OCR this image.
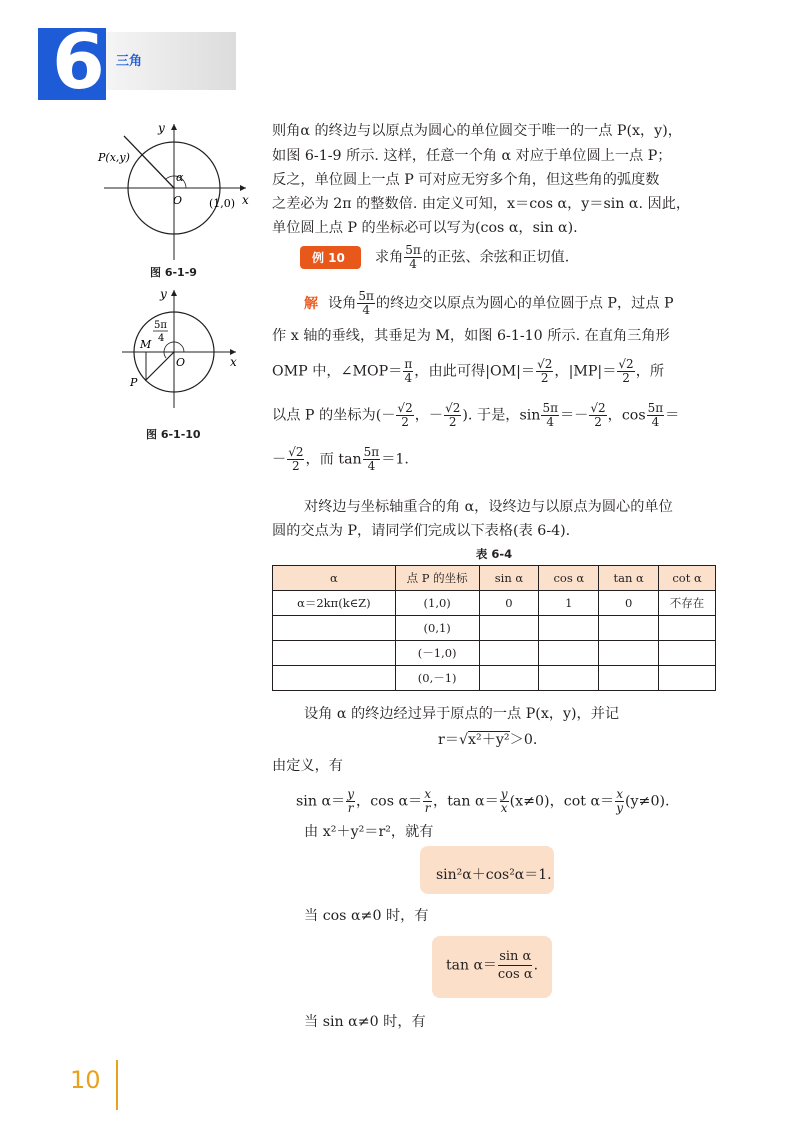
6 三角
y
x
P(x,y)
α
O (1,0)
图 6-1-9
y
x
5π
4
M
O
P
图 6-1-10
则角α 的终边与以原点为圆心的单位圆交于唯一的一点 P(x，y)，
如图 6-1-9 所示. 这样，任意一个角 α 对应于单位圆上一点 P；
反之，单位圆上一点 P 可对应无穷多个角，但这些角的弧度数
之差必为 2π 的整数倍. 由定义可知，x＝cos α，y＝sin α. 因此，
单位圆上点 P 的坐标必可以写为(cos α，sin α).
例 10 求角 $\frac{5\pi}{4}$ 的正弦、余弦和正切值.
解 设角 $\frac{5\pi}{4}$ 的终边交以原点为圆心的单位圆于点 P，过点 P
作 x 轴的垂线，其垂足为 M，如图 6-1-10 所示. 在直角三角形
OMP 中，∠MOP＝ $\frac{\pi}{4}$ ，由此可得$|OM|= \frac{√2}{2}$ ，$|MP|= \frac{√2}{2}$ ，所
以点 P 的坐标为(－ $\frac{√2}{2}$ ，－ $\frac{√2}{2}$ ). 于是，$\sin \frac{5\pi}{4} =- \frac{√2}{2}$ ，$\cos \frac{5\pi}{4}$ ＝
－ $\frac{√2}{2}$ ，而 $\tan \frac{5\pi}{4} =1$.
对终边与坐标轴重合的角 α，设终边与以原点为圆心的单位
圆的交点为 P，请同学们完成以下表格(表 6-4).
表 6-4
α	点 P 的坐标	sin α	cos α	tan α	cot α
α＝2kπ(k∈Z)	(1,0)	0	1	0	不存在
	(0,1)				
	(－1,0)				
	(0,－1)				
设角 α 的终边经过异于原点的一点 P(x，y)，并记
r＝√x²＋y²＞0.
由定义，有
$\sin \alpha= \frac{y}{r}$ ，$\cos \alpha= \frac{x}{r}$ ，$\tan \alpha= \frac{y}{x} (x\ne 0)$，$\cot \alpha= \frac{x}{y} (y\ne 0)$.
由 x²＋y²＝r²，就有
sin²α＋cos²α＝1.
当 cos α≠0 时，有
$\tan \alpha= \frac{\text{sin α}}{\text{cos α}}$ .
当 sin α≠0 时，有
10
